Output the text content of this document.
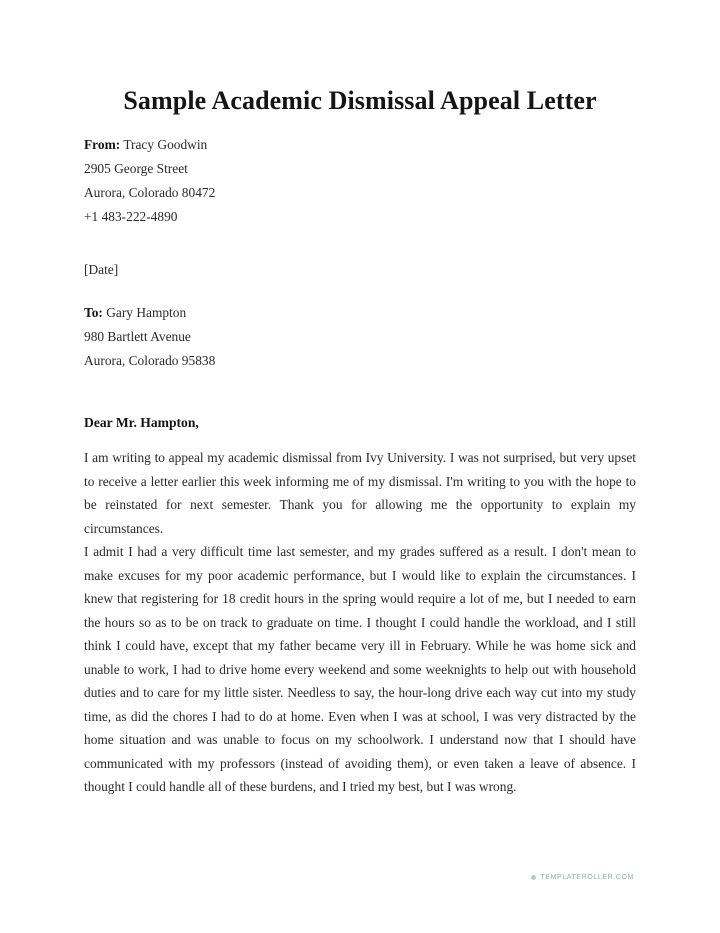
Sample Academic Dismissal Appeal Letter
From: Tracy Goodwin
2905 George Street
Aurora, Colorado 80472
+1 483-222-4890
[Date]
To: Gary Hampton
980 Bartlett Avenue
Aurora, Colorado 95838
Dear Mr. Hampton,

I am writing to appeal my academic dismissal from Ivy University. I was not surprised, but very upset to receive a letter earlier this week informing me of my dismissal. I'm writing to you with the hope to be reinstated for next semester. Thank you for allowing me the opportunity to explain my circumstances.

I admit I had a very difficult time last semester, and my grades suffered as a result. I don't mean to make excuses for my poor academic performance, but I would like to explain the circumstances. I knew that registering for 18 credit hours in the spring would require a lot of me, but I needed to earn the hours so as to be on track to graduate on time. I thought I could handle the workload, and I still think I could have, except that my father became very ill in February. While he was home sick and unable to work, I had to drive home every weekend and some weeknights to help out with household duties and to care for my little sister. Needless to say, the hour-long drive each way cut into my study time, as did the chores I had to do at home. Even when I was at school, I was very distracted by the home situation and was unable to focus on my schoolwork. I understand now that I should have communicated with my professors (instead of avoiding them), or even taken a leave of absence. I thought I could handle all of these burdens, and I tried my best, but I was wrong.

TEMPLATEROLLER.COM
